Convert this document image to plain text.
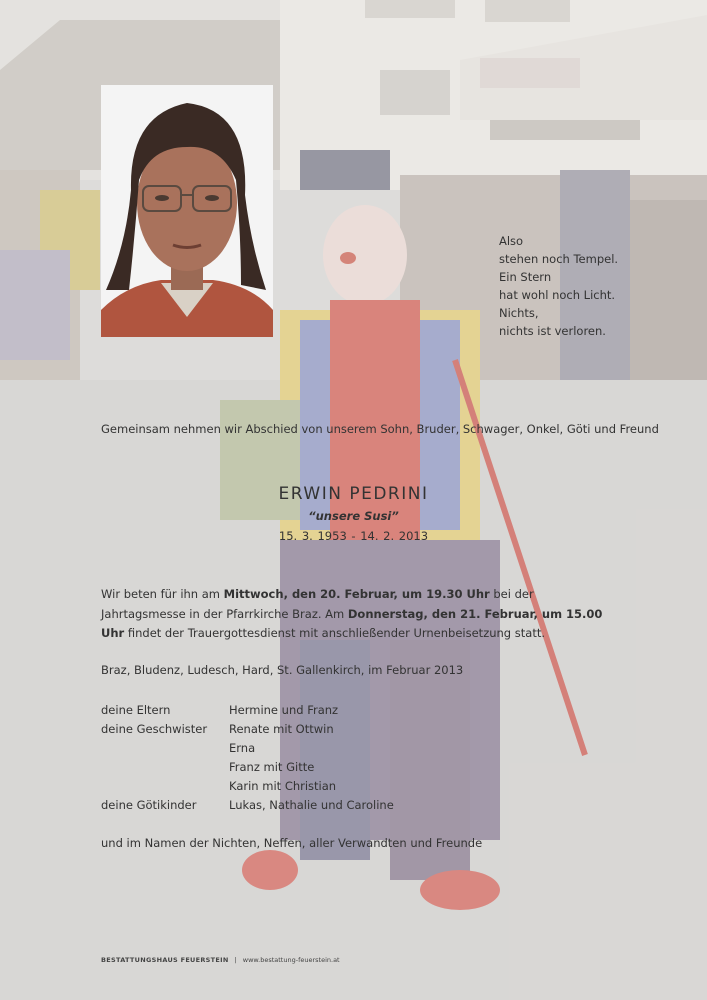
Also
stehen noch Tempel.
Ein Stern
hat wohl noch Licht.
Nichts,
nichts ist verloren.
Gemeinsam nehmen wir Abschied von unserem Sohn, Bruder, Schwager, Onkel, Göti und Freund
ERWIN PEDRINI
“unsere Susi”
15. 3. 1953 - 14. 2. 2013
Wir beten für ihn am Mittwoch, den 20. Februar, um 19.30 Uhr bei der Jahrtagsmesse in der Pfarrkirche Braz. Am Donnerstag, den 21. Februar, um 15.00 Uhr findet der Trauergottesdienst mit anschließender Urnenbeisetzung statt.
Braz, Bludenz, Ludesch, Hard, St. Gallenkirch, im Februar 2013
deine Eltern	Hermine und Franz
deine Geschwister	Renate mit Ottwin
Erna
Franz mit Gitte
Karin mit Christian
deine Götikinder	Lukas, Nathalie und Caroline
und im Namen der Nichten, Neffen, aller Verwandten und Freunde
BESTATTUNGSHAUS FEUERSTEIN | www.bestattung-feuerstein.at
